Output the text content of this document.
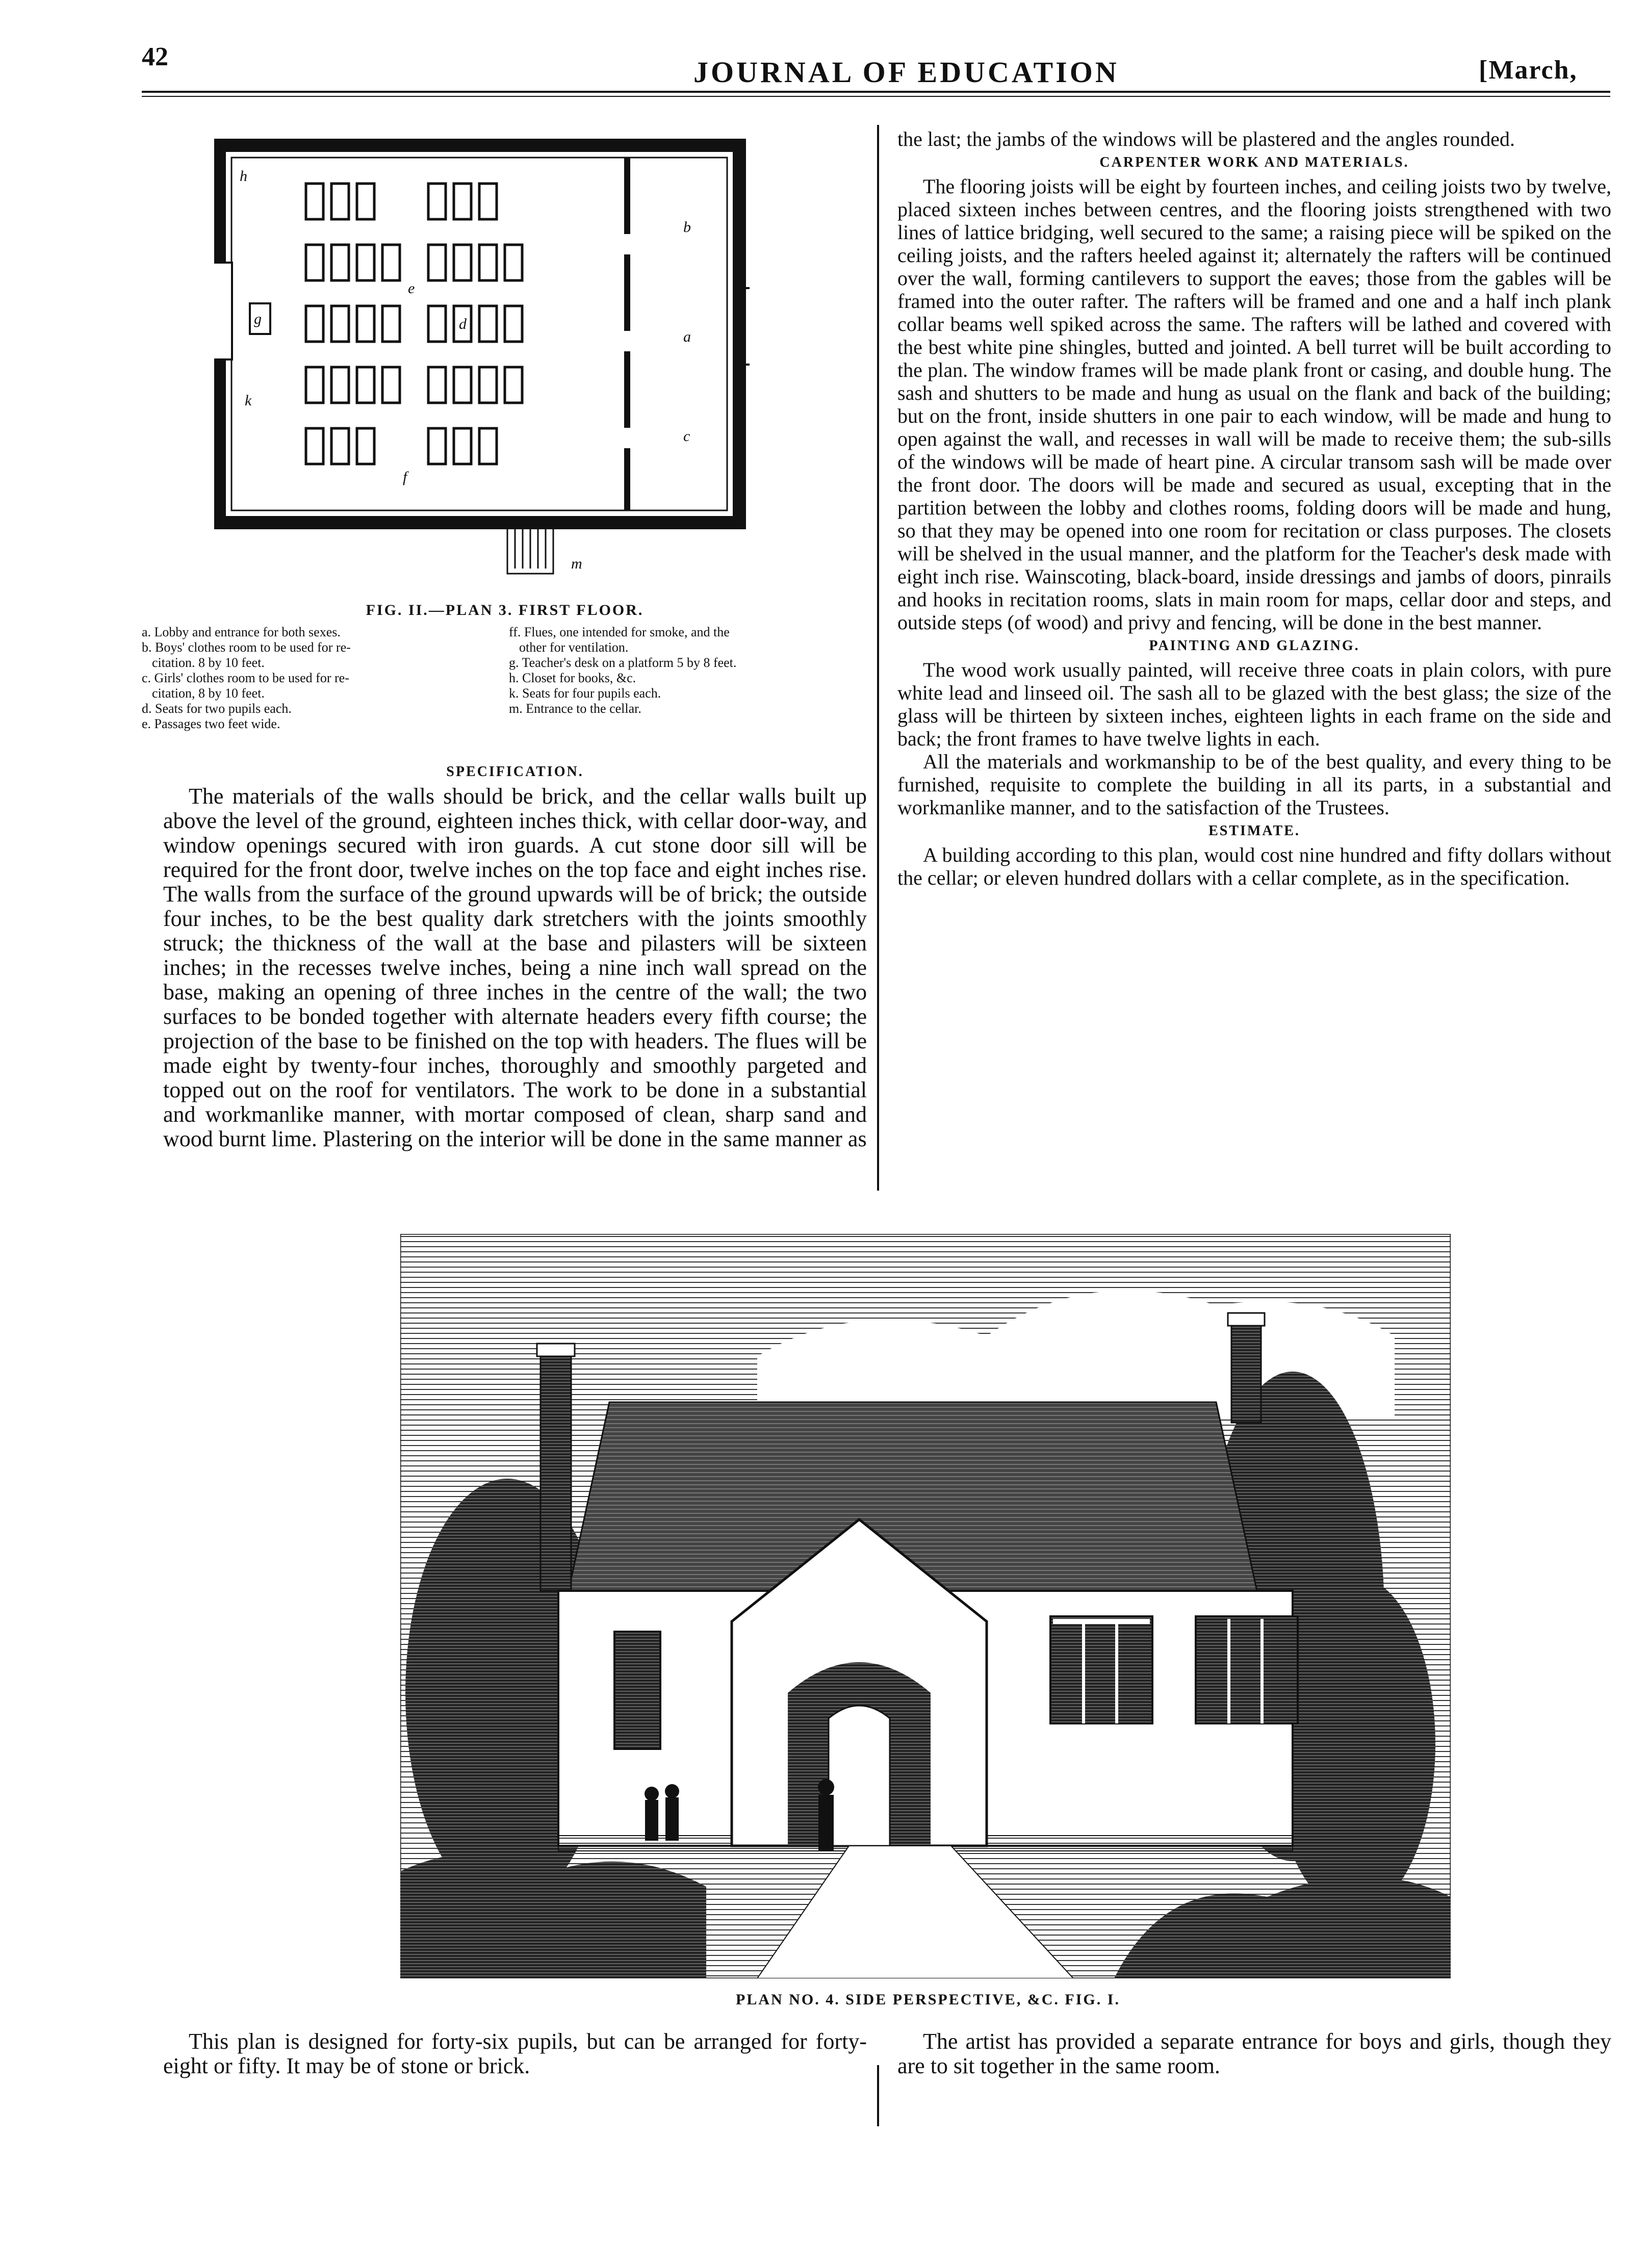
42	JOURNAL OF EDUCATION	[March,
h
b
a
c
d
e
f
g
k
m
FIG. II.—PLAN 3. FIRST FLOOR.
a. Lobby and entrance for both sexes.
b. Boys' clothes room to be used for re-
citation. 8 by 10 feet.
c. Girls' clothes room to be used for re-
citation, 8 by 10 feet.
d. Seats for two pupils each.
e. Passages two feet wide.
ff. Flues, one intended for smoke, and the
other for ventilation.
g. Teacher's desk on a platform 5 by 8 feet.
h. Closet for books, &c.
k. Seats for four pupils each.
m. Entrance to the cellar.
SPECIFICATION.

The materials of the walls should be brick, and the cellar walls built up above the level of the ground, eighteen inches thick, with cellar door-way, and window openings secured with iron guards. A cut stone door sill will be required for the front door, twelve inches on the top face and eight inches rise. The walls from the surface of the ground upwards will be of brick; the outside four inches, to be the best quality dark stretchers with the joints smoothly struck; the thickness of the wall at the base and pilasters will be sixteen inches; in the recesses twelve inches, being a nine inch wall spread on the base, making an opening of three inches in the centre of the wall; the two surfaces to be bonded together with alternate headers every fifth course; the projection of the base to be finished on the top with headers. The flues will be made eight by twenty-four inches, thoroughly and smoothly pargeted and topped out on the roof for ventilators. The work to be done in a substantial and workmanlike manner, with mortar composed of clean, sharp sand and wood burnt lime. Plastering on the interior will be done in the same manner as

the last; the jambs of the windows will be plastered and the angles rounded.

CARPENTER WORK AND MATERIALS.

The flooring joists will be eight by fourteen inches, and ceiling joists two by twelve, placed sixteen inches between centres, and the flooring joists strengthened with two lines of lattice bridging, well secured to the same; a raising piece will be spiked on the ceiling joists, and the rafters heeled against it; alternately the rafters will be continued over the wall, forming cantilevers to support the eaves; those from the gables will be framed into the outer rafter. The rafters will be framed and one and a half inch plank collar beams well spiked across the same. The rafters will be lathed and covered with the best white pine shingles, butted and jointed. A bell turret will be built according to the plan. The window frames will be made plank front or casing, and double hung. The sash and shutters to be made and hung as usual on the flank and back of the building; but on the front, inside shutters in one pair to each window, will be made and hung to open against the wall, and recesses in wall will be made to receive them; the sub-sills of the windows will be made of heart pine. A circular transom sash will be made over the front door. The doors will be made and secured as usual, excepting that in the partition between the lobby and clothes rooms, folding doors will be made and hung, so that they may be opened into one room for recitation or class purposes. The closets will be shelved in the usual manner, and the platform for the Teacher's desk made with eight inch rise. Wainscoting, black-board, inside dressings and jambs of doors, pinrails and hooks in recitation rooms, slats in main room for maps, cellar door and steps, and outside steps (of wood) and privy and fencing, will be done in the best manner.

PAINTING AND GLAZING.

The wood work usually painted, will receive three coats in plain colors, with pure white lead and linseed oil. The sash all to be glazed with the best glass; the size of the glass will be thirteen by sixteen inches, eighteen lights in each frame on the side and back; the front frames to have twelve lights in each.

All the materials and workmanship to be of the best quality, and every thing to be furnished, requisite to complete the building in all its parts, in a substantial and workmanlike manner, and to the satisfaction of the Trustees.

ESTIMATE.

A building according to this plan, would cost nine hundred and fifty dollars without the cellar; or eleven hundred dollars with a cellar complete, as in the specification.

PLAN NO. 4. SIDE PERSPECTIVE, &C. FIG. I.

This plan is designed for forty-six pupils, but can be arranged for forty-eight or fifty. It may be of stone or brick.

The artist has provided a separate entrance for boys and girls, though they are to sit together in the same room.
